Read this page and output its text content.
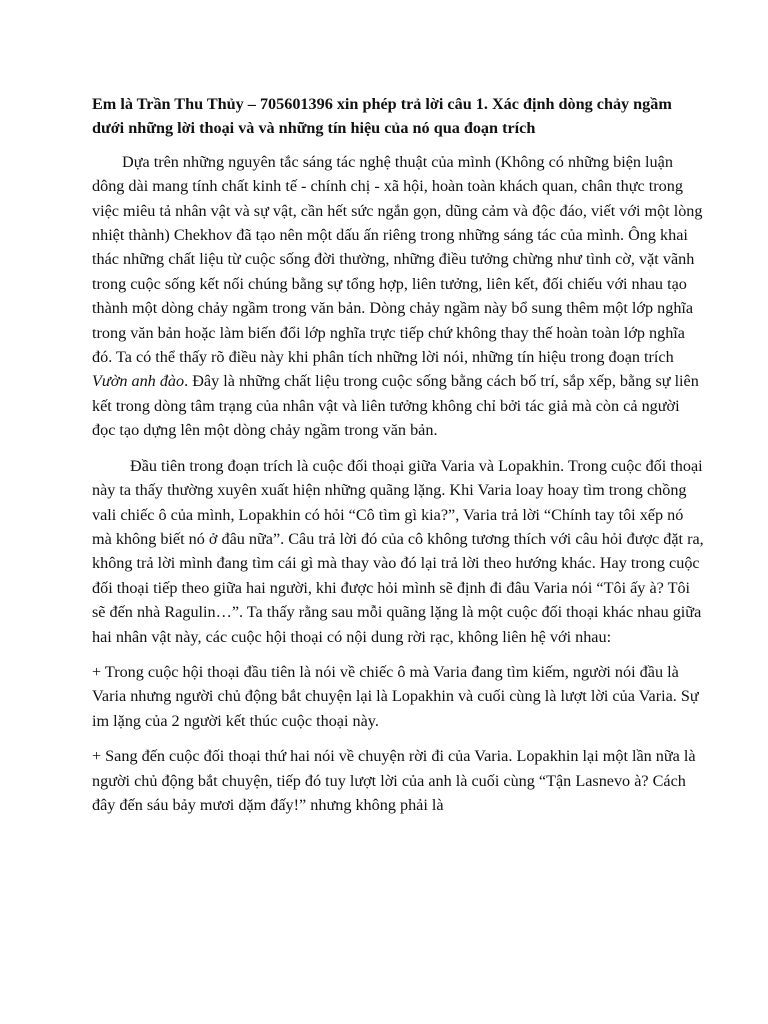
Em là Trần Thu Thủy – 705601396 xin phép trả lời câu 1. Xác định dòng chảy ngầm dưới những lời thoại và và những tín hiệu của nó qua đoạn trích

Dựa trên những nguyên tắc sáng tác nghệ thuật của mình (Không có những biện luận dông dài mang tính chất kinh tế - chính chị - xã hội, hoàn toàn khách quan, chân thực trong việc miêu tả nhân vật và sự vật, cần hết sức ngắn gọn, dũng cảm và độc đáo, viết với một lòng nhiệt thành) Chekhov đã tạo nên một dấu ấn riêng trong những sáng tác của mình. Ông khai thác những chất liệu từ cuộc sống đời thường, những điều tưởng chừng như tình cờ, vặt vãnh trong cuộc sống kết nối chúng bằng sự tổng hợp, liên tưởng, liên kết, đối chiếu với nhau tạo thành một dòng chảy ngầm trong văn bản. Dòng chảy ngầm này bổ sung thêm một lớp nghĩa trong văn bản hoặc làm biến đổi lớp nghĩa trực tiếp chứ không thay thế hoàn toàn lớp nghĩa đó. Ta có thể thấy rõ điều này khi phân tích những lời nói, những tín hiệu trong đoạn trích Vườn anh đào. Đây là những chất liệu trong cuộc sống bằng cách bố trí, sắp xếp, bằng sự liên kết trong dòng tâm trạng của nhân vật và liên tưởng không chỉ bởi tác giả mà còn cả người đọc tạo dựng lên một dòng chảy ngầm trong văn bản.

Đầu tiên trong đoạn trích là cuộc đối thoại giữa Varia và Lopakhin. Trong cuộc đối thoại này ta thấy thường xuyên xuất hiện những quãng lặng. Khi Varia loay hoay tìm trong chồng vali chiếc ô của mình, Lopakhin có hỏi “Cô tìm gì kia?”, Varia trả lời “Chính tay tôi xếp nó mà không biết nó ở đâu nữa”. Câu trả lời đó của cô không tương thích với câu hỏi được đặt ra, không trả lời mình đang tìm cái gì mà thay vào đó lại trả lời theo hướng khác. Hay trong cuộc đối thoại tiếp theo giữa hai người, khi được hỏi mình sẽ định đi đâu Varia nói “Tôi ấy à? Tôi sẽ đến nhà Ragulin…”. Ta thấy rằng sau mỗi quãng lặng là một cuộc đối thoại khác nhau giữa hai nhân vật này, các cuộc hội thoại có nội dung rời rạc, không liên hệ với nhau:

+ Trong cuộc hội thoại đầu tiên là nói về chiếc ô mà Varia đang tìm kiếm, người nói đầu là Varia nhưng người chủ động bắt chuyện lại là Lopakhin và cuối cùng là lượt lời của Varia. Sự im lặng của 2 người kết thúc cuộc thoại này.

+ Sang đến cuộc đối thoại thứ hai nói về chuyện rời đi của Varia. Lopakhin lại một lần nữa là người chủ động bắt chuyện, tiếp đó tuy lượt lời của anh là cuối cùng “Tận Lasnevo à? Cách đây đến sáu bảy mươi dặm đấy!” nhưng không phải là
